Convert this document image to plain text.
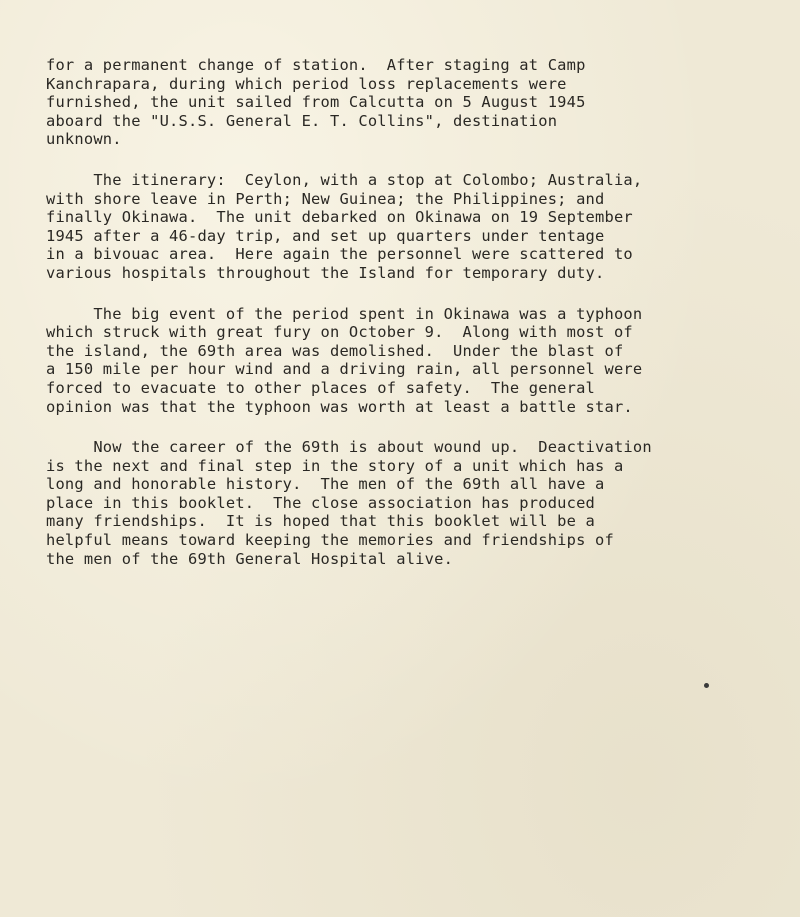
for a permanent change of station.  After staging at Camp
Kanchrapara, during which period loss replacements were
furnished, the unit sailed from Calcutta on 5 August 1945
aboard the "U.S.S. General E. T. Collins", destination
unknown.

The itinerary:  Ceylon, with a stop at Colombo; Australia,
with shore leave in Perth; New Guinea; the Philippines; and
finally Okinawa.  The unit debarked on Okinawa on 19 September
1945 after a 46-day trip, and set up quarters under tentage
in a bivouac area.  Here again the personnel were scattered to
various hospitals throughout the Island for temporary duty.

The big event of the period spent in Okinawa was a typhoon
which struck with great fury on October 9.  Along with most of
the island, the 69th area was demolished.  Under the blast of
a 150 mile per hour wind and a driving rain, all personnel were
forced to evacuate to other places of safety.  The general
opinion was that the typhoon was worth at least a battle star.

Now the career of the 69th is about wound up.  Deactivation
is the next and final step in the story of a unit which has a
long and honorable history.  The men of the 69th all have a
place in this booklet.  The close association has produced
many friendships.  It is hoped that this booklet will be a
helpful means toward keeping the memories and friendships of
the men of the 69th General Hospital alive.
